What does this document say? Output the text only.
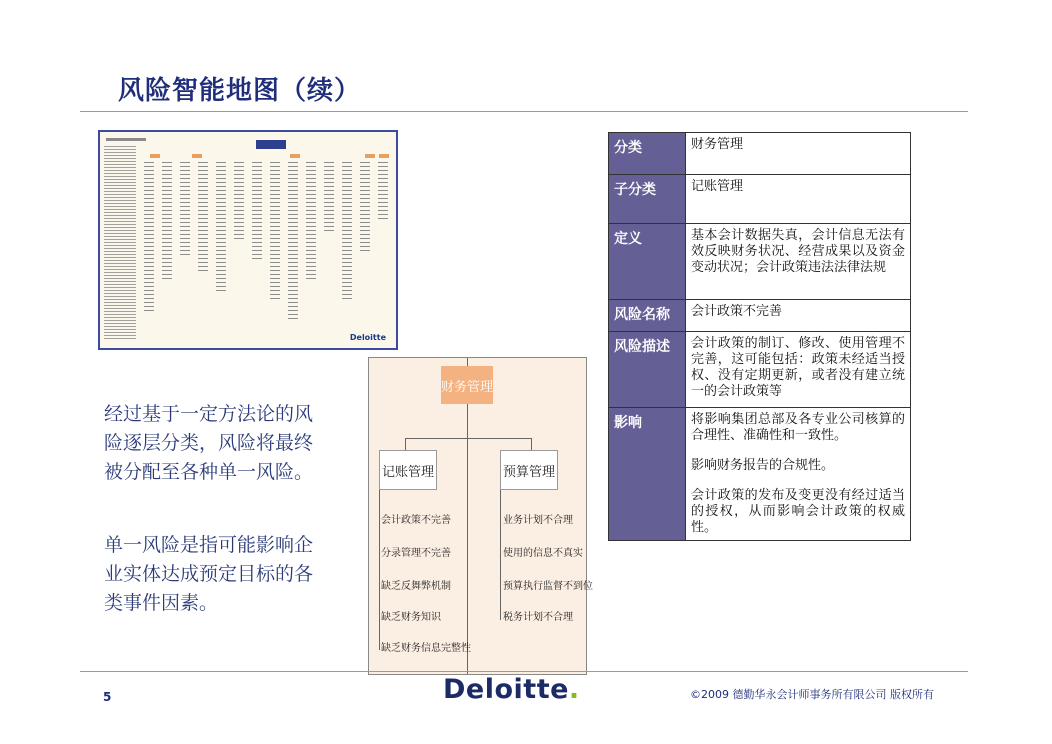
风险智能地图（续）
Deloitte
经过基于一定方法论的风险逐层分类，风险将最终被分配至各种单一风险。
单一风险是指可能影响企业实体达成预定目标的各类事件因素。
财务管理
记账管理	预算管理
会计政策不完善
分录管理不完善
缺乏反舞弊机制
缺乏财务知识
缺乏财务信息完整性
业务计划不合理
使用的信息不真实
预算执行监督不到位
税务计划不合理
分类	财务管理

子分类	记账管理

定义	基本会计数据失真，会计信息无法有效反映财务状况、经营成果以及资金变动状况；会计政策违法法律法规

风险名称	会计政策不完善

风险描述	会计政策的制订、修改、使用管理不完善，这可能包括：政策未经适当授权、没有定期更新，或者没有建立统一的会计政策等

影响	将影响集团总部及各专业公司核算的合理性、准确性和一致性。

影响财务报告的合规性。

会计政策的发布及变更没有经过适当的授权，从而影响会计政策的权威性。

5	Deloitte.	©2009 德勤华永会计师事务所有限公司 版权所有
